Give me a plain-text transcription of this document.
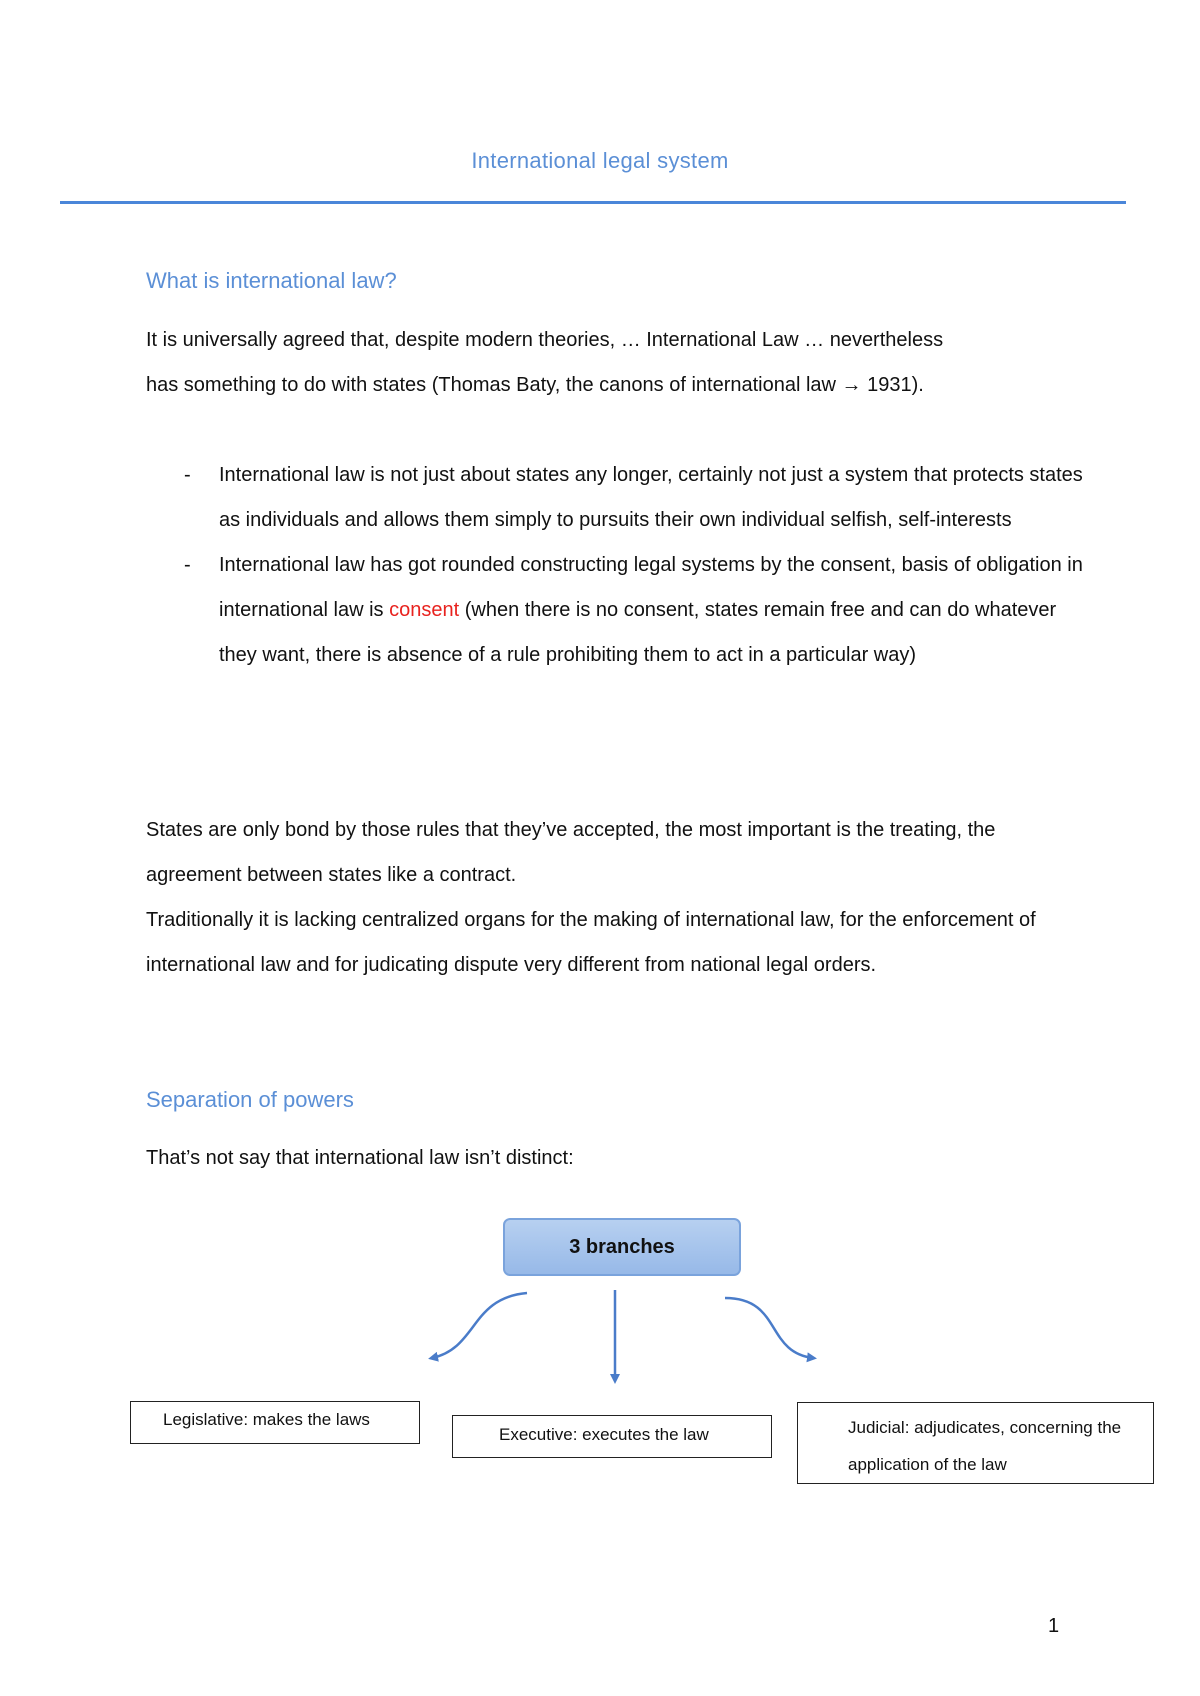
International legal system
What is international law?
It is universally agreed that, despite modern theories, … International Law … nevertheless
has something to do with states (Thomas Baty, the canons of international law → 1931).
- International law is not just about states any longer, certainly not just a system that protects states as individuals and allows them simply to pursuits their own individual selfish, self-interests
- International law has got rounded constructing legal systems by the consent, basis of obligation in international law is consent (when there is no consent, states remain free and can do whatever they want, there is absence of a rule prohibiting them to act in a particular way)
States are only bond by those rules that they’ve accepted, the most important is the treating, the agreement between states like a contract.
Traditionally it is lacking centralized organs for the making of international law, for the enforcement of international law and for judicating dispute very different from national legal orders.
Separation of powers
That’s not say that international law isn’t distinct:
3 branches
Legislative: makes the laws
Executive: executes the law	Judicial: adjudicates, concerning the application of the law
1
